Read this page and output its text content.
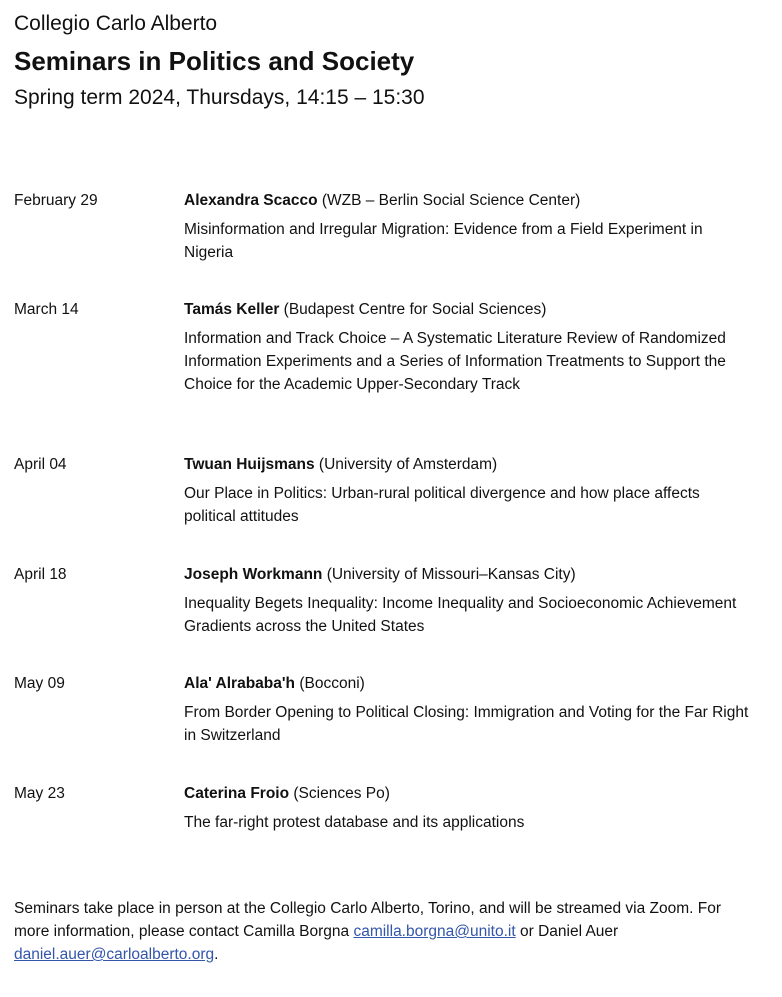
Collegio Carlo Alberto

Seminars in Politics and Society

Spring term 2024, Thursdays, 14:15 – 15:30

February 29	Alexandra Scacco (WZB – Berlin Social Science Center)

Misinformation and Irregular Migration: Evidence from a Field Experiment in Nigeria

March 14	Tamás Keller (Budapest Centre for Social Sciences)

Information and Track Choice – A Systematic Literature Review of Randomized Information Experiments and a Series of Information Treatments to Support the Choice for the Academic Upper-Secondary Track

April 04	Twuan Huijsmans (University of Amsterdam)

Our Place in Politics: Urban-rural political divergence and how place affects political attitudes

April 18	Joseph Workmann (University of Missouri–Kansas City)

Inequality Begets Inequality: Income Inequality and Socioeconomic Achievement Gradients across the United States

May 09	Ala' Alrababa'h (Bocconi)

From Border Opening to Political Closing: Immigration and Voting for the Far Right in Switzerland

May 23	Caterina Froio (Sciences Po)

The far-right protest database and its applications

Seminars take place in person at the Collegio Carlo Alberto, Torino, and will be streamed via Zoom. For more information, please contact Camilla Borgna camilla.borgna@unito.it or Daniel Auer daniel.auer@carloalberto.org.
